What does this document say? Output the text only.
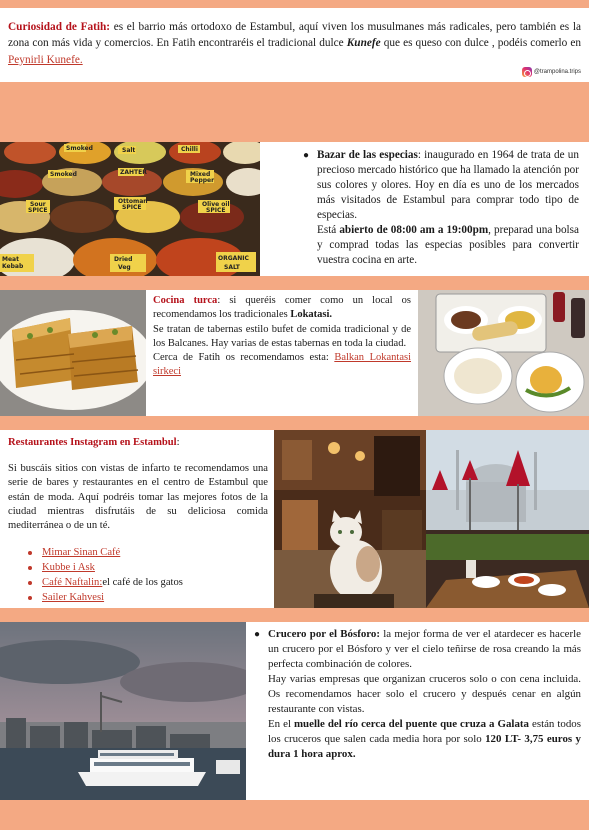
Curiosidad de Fatih: es el barrio más ortodoxo de Estambul, aquí viven los musulmanes más radicales, pero también es la zona con más vida y comercios. En Fatih encontraréis el tradicional dulce Kunefe que es queso con dulce , podéis comerlo en Peynirli Kunefe.

@trampolina.trips
Smoked	Salt	Chilli
Smoked	ZAHTER	Mixed
Pepper
Sour
SPICE
Ottoman
SPICE	Olive oil
SPICE
Meat
Kebab
Dried
Veg
ORGANIC
SALT
● Bazar de las especias: inaugurado en 1964 de trata de un precioso mercado histórico que ha llamado la atención por sus colores y olores. Hoy en día es uno de los mercados más visitados de Estambul para comprar todo tipo de especias.

Está abierto de 08:00 am a 19:00pm, preparad una bolsa y comprad todas las especias posibles para convertir vuestra cocina en arte.

Cocina turca: si queréis comer como un local os recomendamos los tradicionales Lokatasi.

Se tratan de tabernas estilo bufet de comida tradicional y de los Balcanes. Hay varias de estas tabernas en toda la ciudad.

Cerca de Fatih os recomendamos esta: Balkan Lokantasi sirkeci

Restaurantes Instagram en Estambul:

Si buscáis sitios con vistas de infarto te recomendamos una serie de bares y restaurantes en el centro de Estambul que están de moda. Aquí podréis tomar las mejores fotos de la ciudad mientras disfrutáis de su deliciosa comida mediterránea o de un té.

Mimar Sinan Café
Kubbe i Ask
Café Naftalin: el café de los gatos
Sailer Kahvesi
● Crucero por el Bósforo: la mejor forma de ver el atardecer es hacerle un crucero por el Bósforo y ver el cielo teñirse de rosa creando la más perfecta combinación de colores.

Hay varias empresas que organizan cruceros solo o con cena incluida. Os recomendamos hacer solo el crucero y después cenar en algún restaurante con vistas.

En el muelle del río cerca del puente que cruza a Galata están todos los cruceros que salen cada media hora por solo 120 LT- 3,75 euros y dura 1 hora aprox.
